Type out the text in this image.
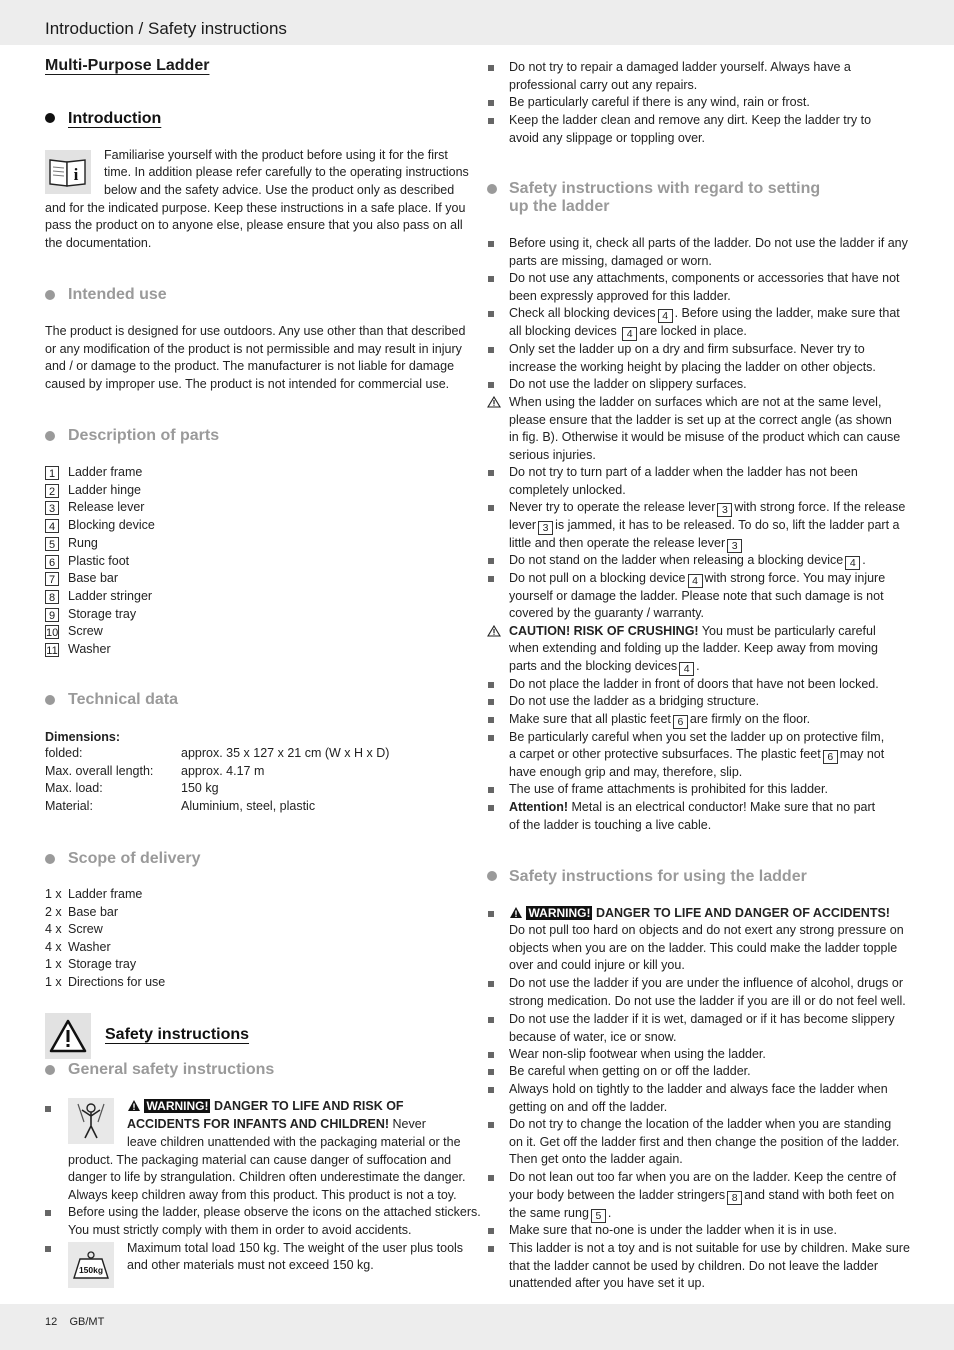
Introduction / Safety instructions
12 GB/MT
Multi-Purpose Ladder
Introduction
i
Familiarise yourself with the product before using it for the first
time. In addition please refer carefully to the operating instructions
below and the safety advice. Use the product only as described
and for the indicated purpose. Keep these instructions in a safe place. If you
pass the product on to anyone else, please ensure that you also pass on all
the documentation.
Intended use
The product is designed for use outdoors. Any use other than that described
or any modification of the product is not permissible and may result in injury
and / or damage to the product. The manufacturer is not liable for damage
caused by improper use. The product is not intended for commercial use.
Description of parts
1	Ladder frame
2	Ladder hinge
3	Release lever
4	Blocking device
5	Rung
6	Plastic foot
7	Base bar
8	Ladder stringer
9	Storage tray
10 Screw
11 Washer
Technical data
Dimensions:
folded:	approx. 35 x 127 x 21 cm (W x H x D)
Max. overall length: approx. 4.17 m
Max. load:	150 kg
Material:	Aluminium, steel, plastic
Scope of delivery
1 x Ladder frame
2 x Base bar
4 x Screw
4 x Washer
1 x Storage tray
1 x Directions for use
Safety instructions
General safety instructions
WARNING! DANGER TO LIFE AND RISK OF
ACCIDENTS FOR INFANTS AND CHILDREN! Never
leave children unattended with the packaging material or the
product. The packaging material can cause danger of suffocation and
danger to life by strangulation. Children often underestimate the danger.
Always keep children away from this product. This product is not a toy.
Before using the ladder, please observe the icons on the attached stickers.
You must strictly comply with them in order to avoid accidents.
150kg
Maximum total load 150 kg. The weight of the user plus tools
and other materials must not exceed 150 kg.
Do not try to repair a damaged ladder yourself. Always have a
professional carry out any repairs.
Be particularly careful if there is any wind, rain or frost.
Keep the ladder clean and remove any dirt. Keep the ladder try to
avoid any slippage or toppling over.
Before using it, check all parts of the ladder. Do not use the ladder if any
parts are missing, damaged or worn.
Do not use any attachments, components or accessories that have not
been expressly approved for this ladder.
Check all blocking devices 4 . Before using the ladder, make sure that
all blocking devices 4 are locked in place.
Only set the ladder up on a dry and firm subsurface. Never try to
increase the working height by placing the ladder on other objects.
Do not use the ladder on slippery surfaces.
When using the ladder on surfaces which are not at the same level,
please ensure that the ladder is set up at the correct angle (as shown
in fig. B). Otherwise it would be misuse of the product which can cause
serious injuries.
Do not try to turn part of a ladder when the ladder has not been
completely unlocked.
Never try to operate the release lever 3 with strong force. If the release
lever 3 is jammed, it has to be released. To do so, lift the ladder part a
little and then operate the release lever 3
Do not stand on the ladder when releasing a blocking device 4 .
Do not pull on a blocking device 4 with strong force. You may injure
yourself or damage the ladder. Please note that such damage is not
covered by the guaranty / warranty.
CAUTION! RISK OF CRUSHING! You must be particularly careful
when extending and folding up the ladder. Keep away from moving
parts and the blocking devices 4 .
Do not place the ladder in front of doors that have not been locked.
Do not use the ladder as a bridging structure.
Make sure that all plastic feet 6 are firmly on the floor.
Be particularly careful when you set the ladder up on protective film,
a carpet or other protective subsurfaces. The plastic feet 6 may not
have enough grip and may, therefore, slip.
The use of frame attachments is prohibited for this ladder.
Attention! Metal is an electrical conductor! Make sure that no part
of the ladder is touching a live cable.
WARNING! DANGER TO LIFE AND DANGER OF ACCIDENTS!
Do not pull too hard on objects and do not exert any strong pressure on
objects when you are on the ladder. This could make the ladder topple
over and could injure or kill you.
Do not use the ladder if you are under the influence of alcohol, drugs or
strong medication. Do not use the ladder if you are ill or do not feel well.
Do not use the ladder if it is wet, damaged or if it has become slippery
because of water, ice or snow.
Wear non-slip footwear when using the ladder.
Be careful when getting on or off the ladder.
Always hold on tightly to the ladder and always face the ladder when
getting on and off the ladder.
Do not try to change the location of the ladder when you are standing
on it. Get off the ladder first and then change the position of the ladder.
Then get onto the ladder again.
Do not lean out too far when you are on the ladder. Keep the centre of
your body between the ladder stringers 8 and stand with both feet on
the same rung 5 .
Make sure that no-one is under the ladder when it is in use.
This ladder is not a toy and is not suitable for use by children. Make sure
that the ladder cannot be used by children. Do not leave the ladder
unattended after you have set it up.
Safety instructions with regard to setting
up the ladder
Safety instructions for using the ladder
